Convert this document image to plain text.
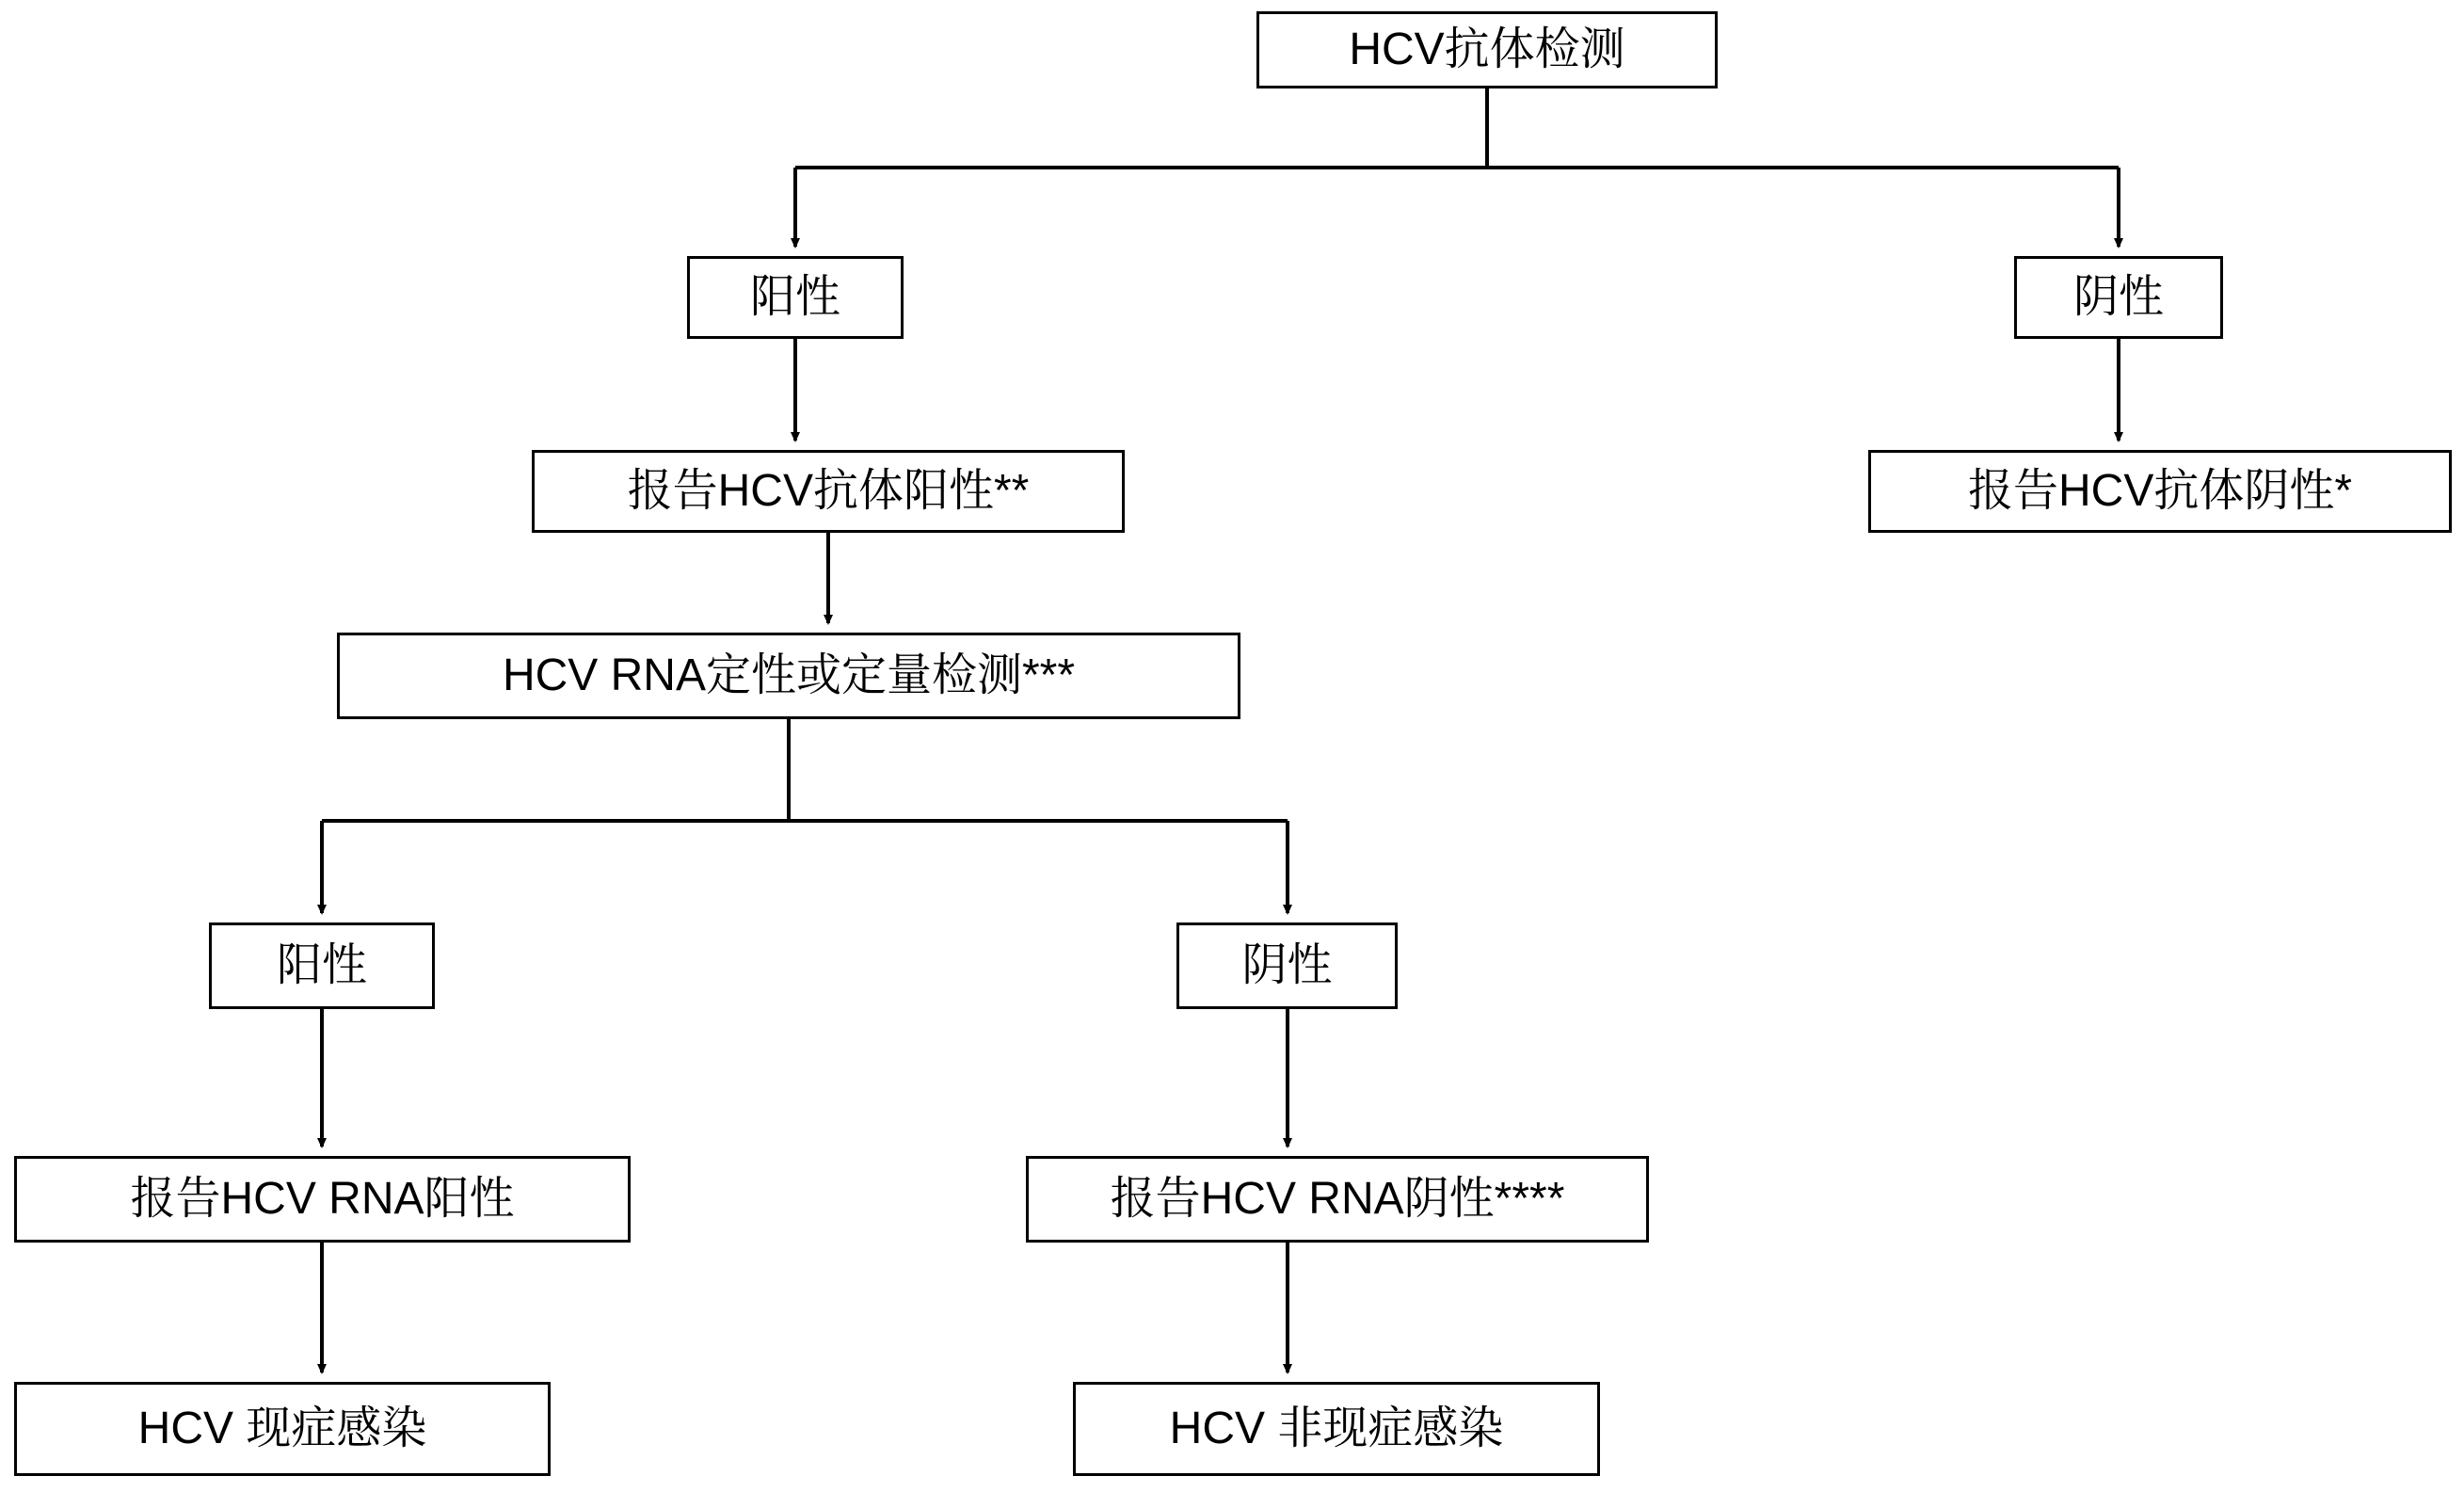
HCV抗体检测
阳性	阴性
报告HCV抗体阳性**	报告HCV抗体阴性*
HCV RNA定性或定量检测***
阳性	阴性
报告HCV RNA阳性	报告HCV RNA阴性****
HCV 现症感染	HCV 非现症感染
